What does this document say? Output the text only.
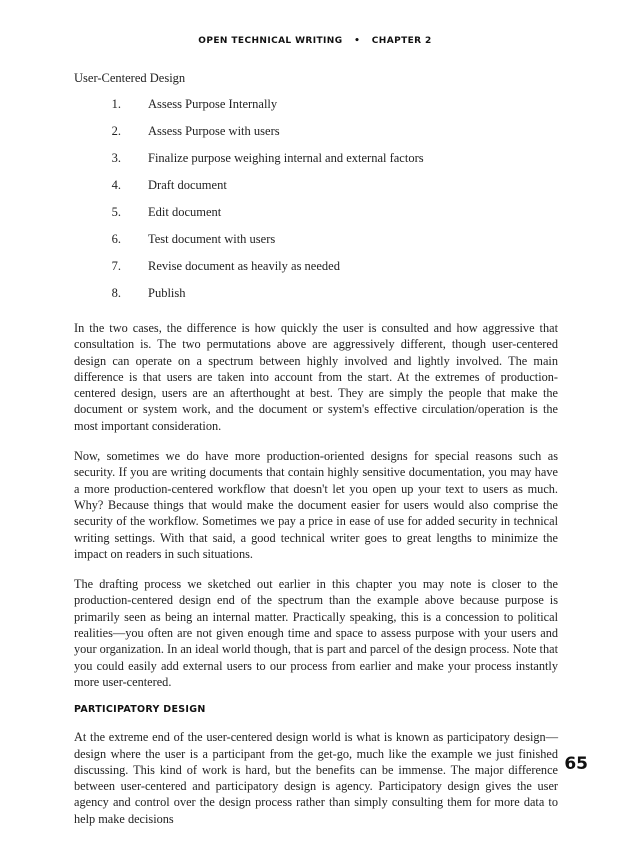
OPEN TECHNICAL WRITING • CHAPTER 2
User-Centered Design
1.	Assess Purpose Internally
2.	Assess Purpose with users
3.	Finalize purpose weighing internal and external factors
4.	Draft document
5.	Edit document
6.	Test document with users
7.	Revise document as heavily as needed
8.	Publish

In the two cases, the difference is how quickly the user is consulted and how aggressive that consultation is. The two permutations above are aggressively different, though user-centered design can operate on a spectrum between highly involved and lightly involved. The main difference is that users are taken into account from the start. At the extremes of production-centered design, users are an afterthought at best. They are simply the people that make the document or system work, and the document or system's effective circulation/operation is the most important consideration.

Now, sometimes we do have more production-oriented designs for special reasons such as security. If you are writing documents that contain highly sensitive documentation, you may have a more production-centered workflow that doesn't let you open up your text to users as much. Why? Because things that would make the document easier for users would also comprise the security of the workflow. Sometimes we pay a price in ease of use for added security in technical writing settings. With that said, a good technical writer goes to great lengths to minimize the impact on readers in such situations.

The drafting process we sketched out earlier in this chapter you may note is closer to the production-centered design end of the spectrum than the example above because purpose is primarily seen as being an internal matter. Practically speaking, this is a concession to political realities—you often are not given enough time and space to assess purpose with your users and your organization. In an ideal world though, that is part and parcel of the design process. Note that you could easily add external users to our process from earlier and make your process instantly more user-centered.

PARTICIPATORY DESIGN

At the extreme end of the user-centered design world is what is known as participatory design—design where the user is a participant from the get-go, much like the example we just finished discussing. This kind of work is hard, but the benefits can be immense. The major difference between user-centered and participatory design is agency. Participatory design gives the user agency and control over the design process rather than simply consulting them for more data to help make decisions

65
